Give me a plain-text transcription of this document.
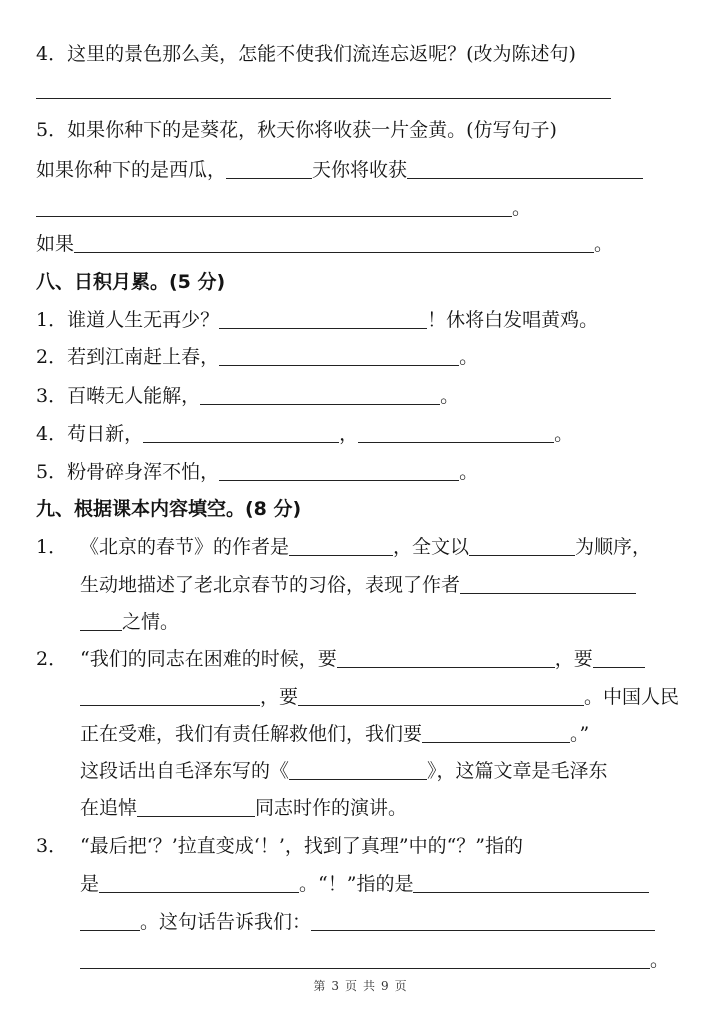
4．这里的景色那么美，怎能不使我们流连忘返呢？(改为陈述句)
5．如果你种下的是葵花，秋天你将收获一片金黄。(仿写句子)
如果你种下的是西瓜，	天你将收获
。
如果	。
八、日积月累。(5 分)
1．谁道人生无再少？	！休将白发唱黄鸡。
2．若到江南赶上春，	。
3．百啭无人能解，	。
4．苟日新，	，	。
5．粉骨碎身浑不怕，	。
九、根据课本内容填空。(8 分)
1． 《北京的春节》的作者是	，全文以	为顺序，
生动地描述了老北京春节的习俗，表现了作者
之情。
2． “我们的同志在困难的时候，要	，要
，要	。中国人民
正在受难，我们有责任解救他们，我们要	。”
这段话出自毛泽东写的《	》，这篇文章是毛泽东
在追悼	同志时作的演讲。
3． “最后把‘？’拉直变成‘！’，找到了真理”中的“？”指的
是	。“！”指的是
。这句话告诉我们：
。
第 3 页 共 9 页
